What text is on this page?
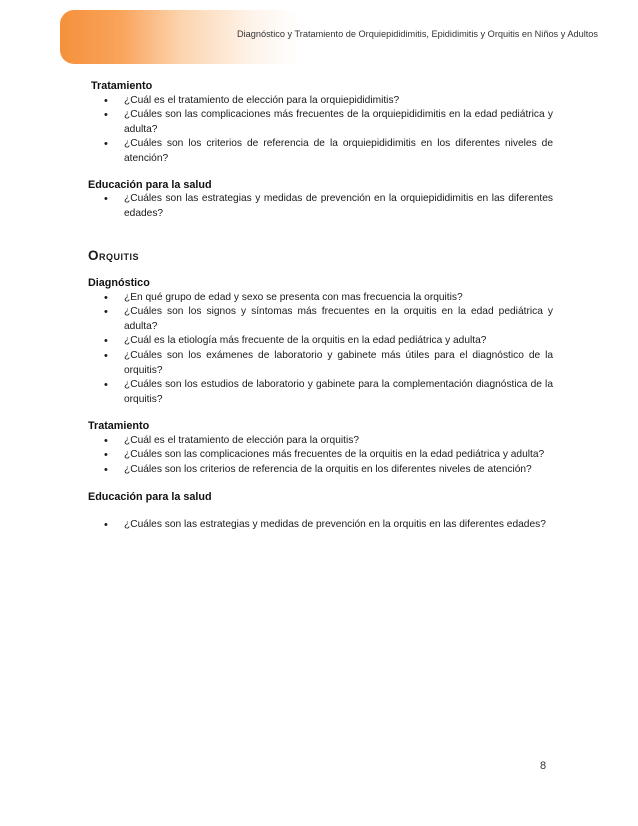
Diagnóstico y Tratamiento de Orquiepididimitis, Epididimitis y Orquitis en Niños y Adultos
Tratamiento
• ¿Cuál es el tratamiento de elección para la orquiepididimitis?
• ¿Cuáles son las complicaciones más frecuentes de la orquiepididimitis en la edad pediátrica y adulta?
• ¿Cuáles son los criterios de referencia de la orquiepididimitis en los diferentes niveles de atención?
Educación para la salud
• ¿Cuáles son las estrategias y medidas de prevención en la orquiepididimitis en las diferentes edades?
Orquitis
Diagnóstico
• ¿En qué grupo de edad y sexo se presenta con mas frecuencia la orquitis?
• ¿Cuáles son los signos y síntomas más frecuentes en la orquitis en la edad pediátrica y adulta?
• ¿Cuál es la etiología más frecuente de la orquitis en la edad pediátrica y adulta?
• ¿Cuáles son los exámenes de laboratorio y gabinete más útiles para el diagnóstico de la orquitis?
• ¿Cuáles son los estudios de laboratorio y gabinete para la complementación diagnóstica de la orquitis?
Tratamiento
• ¿Cuál es el tratamiento de elección para la orquitis?
• ¿Cuáles son las complicaciones más frecuentes de la orquitis en la edad pediátrica y adulta?
• ¿Cuáles son los criterios de referencia de la orquitis en los diferentes niveles de atención?
Educación para la salud
• ¿Cuáles son las estrategias y medidas de prevención en la orquitis en las diferentes edades?
8
